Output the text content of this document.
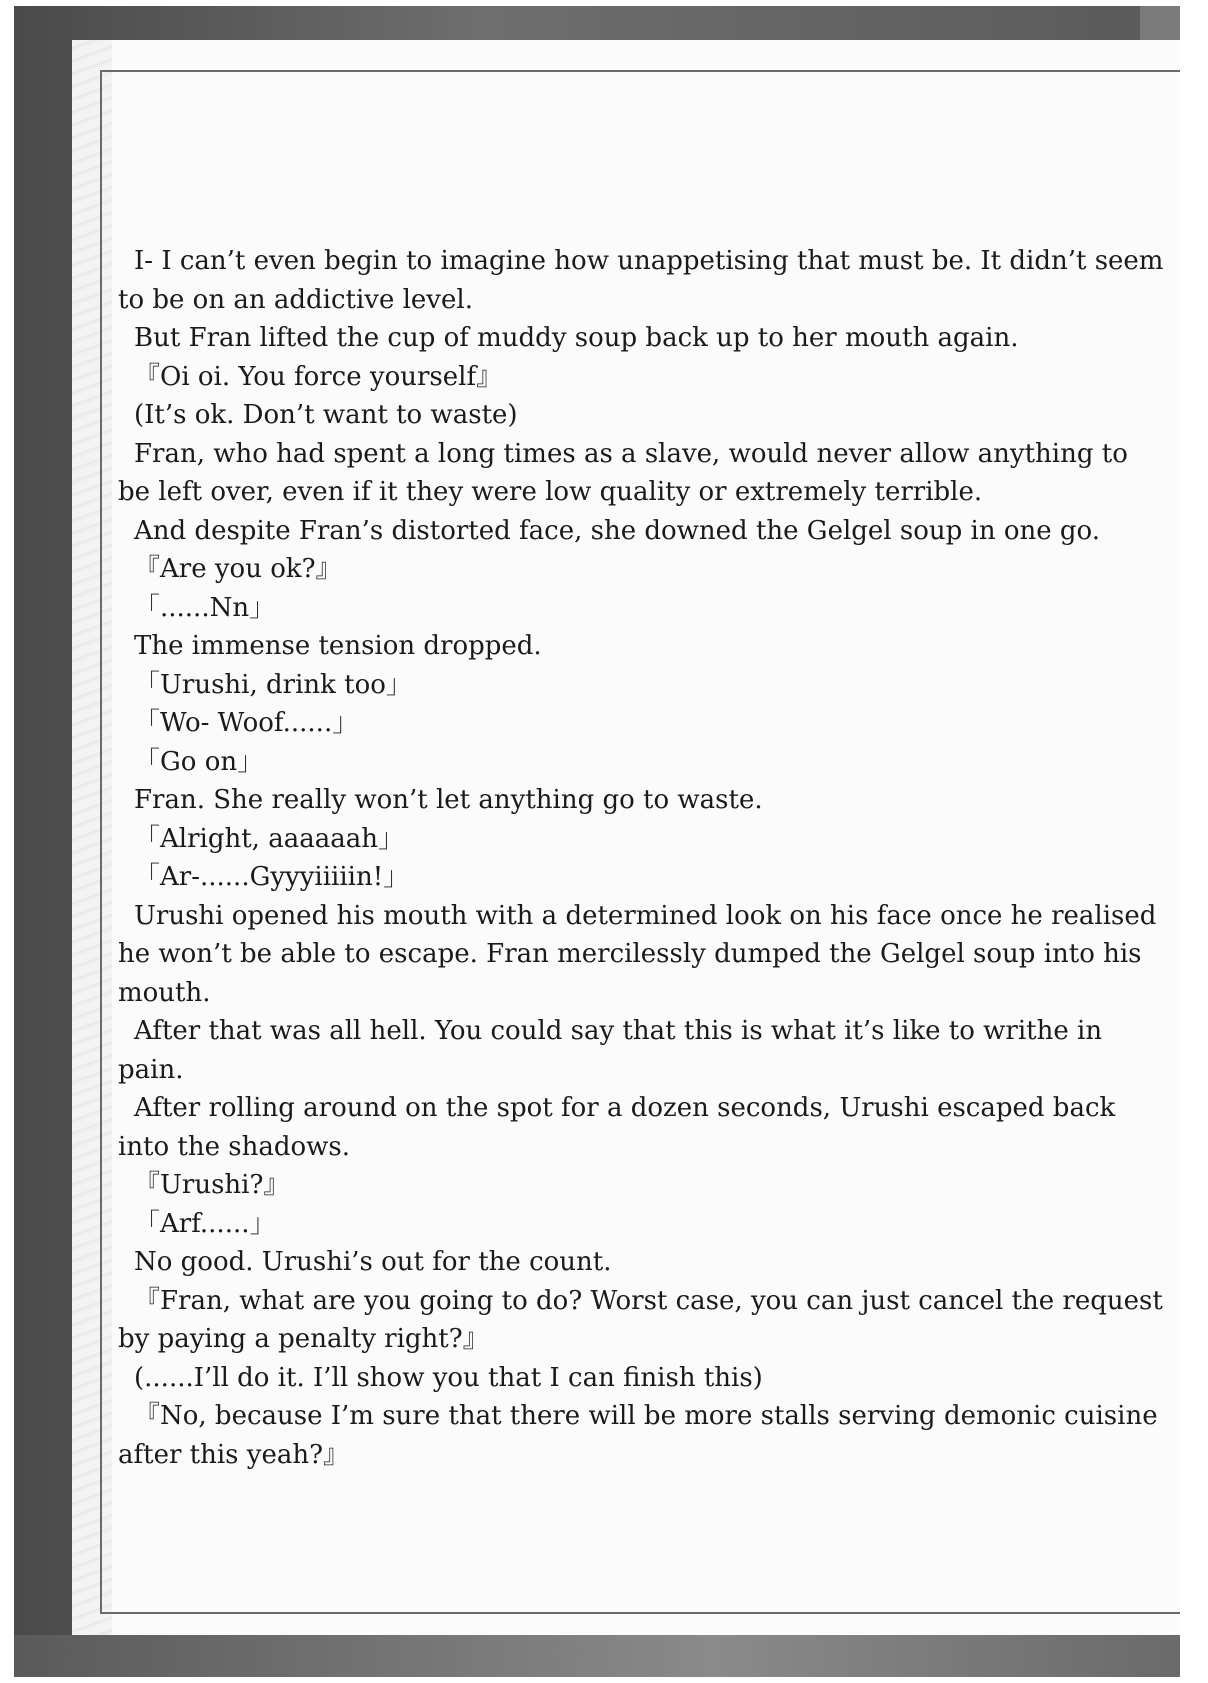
I- I can’t even begin to imagine how unappetising that must be. It didn’t seem to be on an addictive level.

But Fran lifted the cup of muddy soup back up to her mouth again.

『Oi oi. You force yourself』

(It’s ok. Don’t want to waste)

Fran, who had spent a long times as a slave, would never allow anything to be left over, even if it they were low quality or extremely terrible.

And despite Fran’s distorted face, she downed the Gelgel soup in one go.

『Are you ok?』

「......Nn」

The immense tension dropped.

「Urushi, drink too」

「Wo- Woof......」

「Go on」

Fran. She really won’t let anything go to waste.

「Alright, aaaaaah」

「Ar-......Gyyyiiiiin!」

Urushi opened his mouth with a determined look on his face once he realised he won’t be able to escape. Fran mercilessly dumped the Gelgel soup into his mouth.

After that was all hell. You could say that this is what it’s like to writhe in pain.

After rolling around on the spot for a dozen seconds, Urushi escaped back into the shadows.

『Urushi?』

「Arf......」

No good. Urushi’s out for the count.

『Fran, what are you going to do? Worst case, you can just cancel the request by paying a penalty right?』

(......I’ll do it. I’ll show you that I can finish this)

『No, because I’m sure that there will be more stalls serving demonic cuisine after this yeah?』
